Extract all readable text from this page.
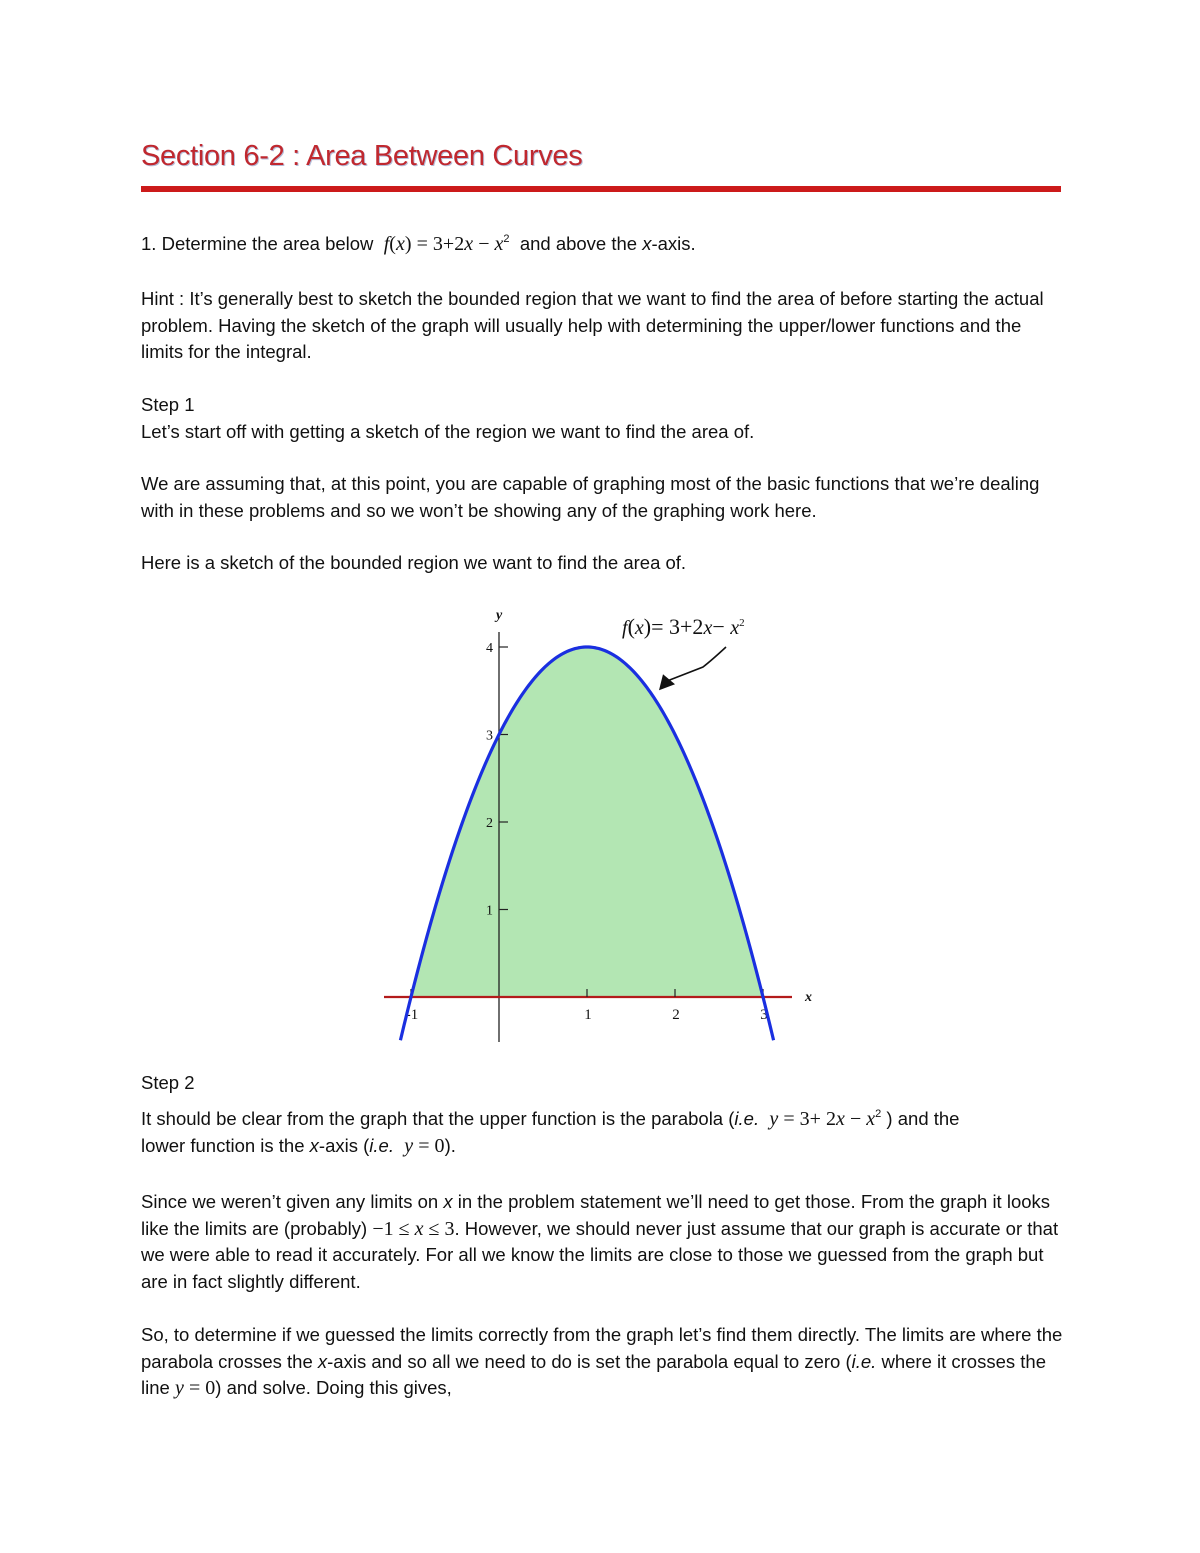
Section 6-2 : Area Between Curves
1. Determine the area below $f(x) = 3+2x - x^2$ and above the x-axis.
Hint : It’s generally best to sketch the bounded region that we want to find the area of before starting the actual problem. Having the sketch of the graph will usually help with determining the upper/lower functions and the limits for the integral.
Step 1
Let’s start off with getting a sketch of the region we want to find the area of.
We are assuming that, at this point, you are capable of graphing most of the basic functions that we’re dealing with in these problems and so we won’t be showing any of the graphing work here.
Here is a sketch of the bounded region we want to find the area of.
1
2
3
4
-1	1	2	3
x
y
$f(x)= 3+2x- x^2$
Step 2
It should be clear from the graph that the upper function is the parabola (i.e. $y = 3+ 2x - x^2$ ) and the
lower function is the x-axis (i.e. y = 0).
Since we weren’t given any limits on x in the problem statement we’ll need to get those. From the graph it looks like the limits are (probably) −1 ≤ x ≤ 3. However, we should never just assume that our graph is accurate or that we were able to read it accurately. For all we know the limits are close to those we guessed from the graph but are in fact slightly different.
So, to determine if we guessed the limits correctly from the graph let’s find them directly. The limits are where the parabola crosses the x-axis and so all we need to do is set the parabola equal to zero (i.e. where it crosses the line y = 0) and solve. Doing this gives,
